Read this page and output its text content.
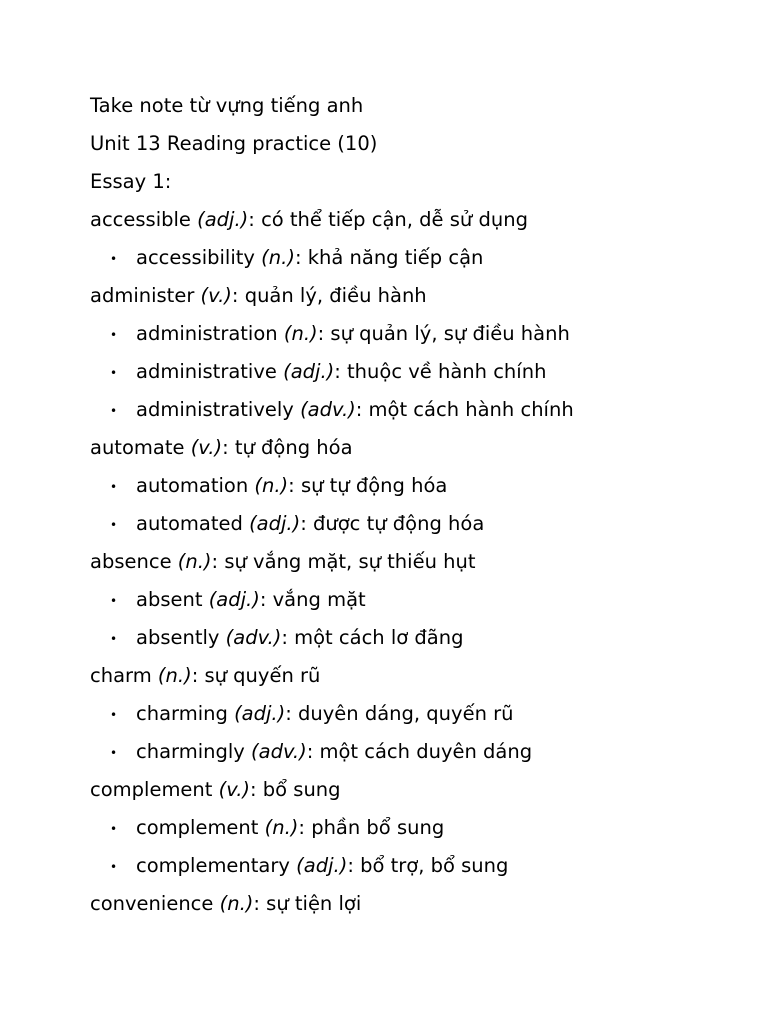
Take note từ vựng tiếng anh
Unit 13 Reading practice (10)
Essay 1:
accessible (adj.): có thể tiếp cận, dễ sử dụng
• accessibility (n.): khả năng tiếp cận
administer (v.): quản lý, điều hành
• administration (n.): sự quản lý, sự điều hành
• administrative (adj.): thuộc về hành chính
• administratively (adv.): một cách hành chính
automate (v.): tự động hóa
• automation (n.): sự tự động hóa
• automated (adj.): được tự động hóa
absence (n.): sự vắng mặt, sự thiếu hụt
• absent (adj.): vắng mặt
• absently (adv.): một cách lơ đãng
charm (n.): sự quyến rũ
• charming (adj.): duyên dáng, quyến rũ
• charmingly (adv.): một cách duyên dáng
complement (v.): bổ sung
• complement (n.): phần bổ sung
• complementary (adj.): bổ trợ, bổ sung
convenience (n.): sự tiện lợi
